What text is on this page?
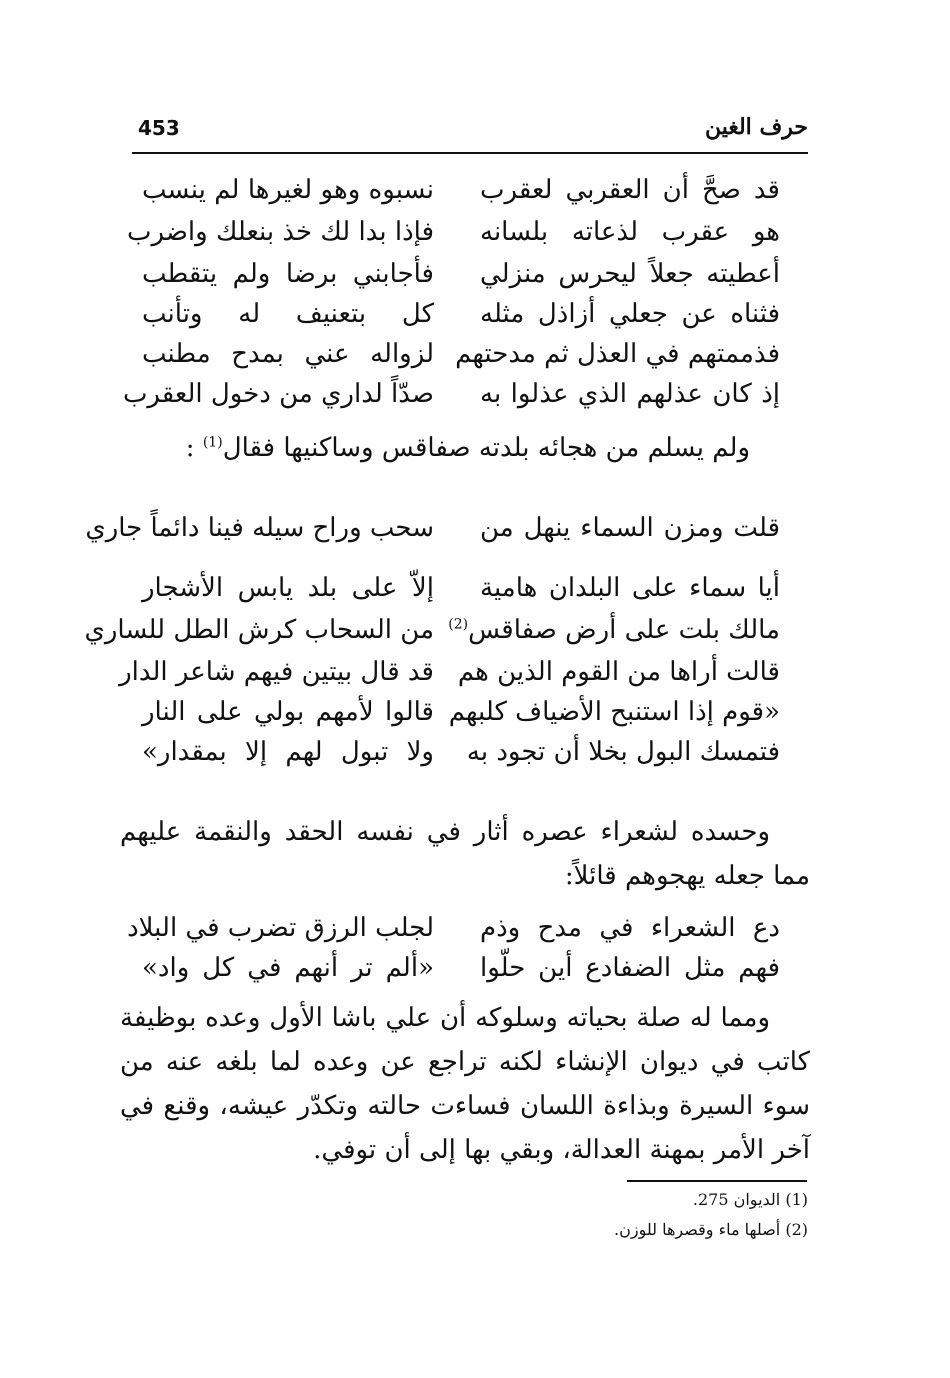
453	حرف الغين
قد صحَّ أن العقربي لعقرب
نسبوه وهو لغيرها لم ينسب
هو عقرب لذعاته بلسانه
فإذا بدا لك خذ بنعلك واضرب
أعطيته جعلاً ليحرس منزلي
فأجابني برضا ولم يتقطب
فثناه عن جعلي أزاذل مثله
كل بتعنيف له وتأنب
فذممتهم في العذل ثم مدحتهم
لزواله عني بمدح مطنب
إذ كان عذلهم الذي عذلوا به
صدّاً لداري من دخول العقرب
ولم يسلم من هجائه بلدته صفاقس وساكنيها فقال$^{(1)}$ :
قلت ومزن السماء ينهل من
سحب وراح سيله فينا دائماً جاري
أيا سماء على البلدان هامية
إلاّ على بلد يابس الأشجار
مالك بلت على أرض صفاقس$^{(2)}$
من السحاب كرش الطل للساري
قالت أراها من القوم الذين هم
قد قال بيتين فيهم شاعر الدار
«قوم إذا استنبح الأضياف كلبهم
قالوا لأمهم بولي على النار
فتمسك البول بخلا أن تجود به
ولا تبول لهم إلا بمقدار»
وحسده لشعراء عصره أثار في نفسه الحقد والنقمة عليهم مما جعله يهجوهم قائلاً:
دع الشعراء في مدح وذم
لجلب الرزق تضرب في البلاد
فهم مثل الضفادع أين حلّوا
«ألم تر أنهم في كل واد»
ومما له صلة بحياته وسلوكه أن علي باشا الأول وعده بوظيفة كاتب في ديوان الإنشاء لكنه تراجع عن وعده لما بلغه عنه من سوء السيرة وبذاءة اللسان فساءت حالته وتكدّر عيشه، وقنع في آخر الأمر بمهنة العدالة، وبقي بها إلى أن توفي.
(1) الديوان 275.
(2) أصلها ماء وقصرها للوزن.
